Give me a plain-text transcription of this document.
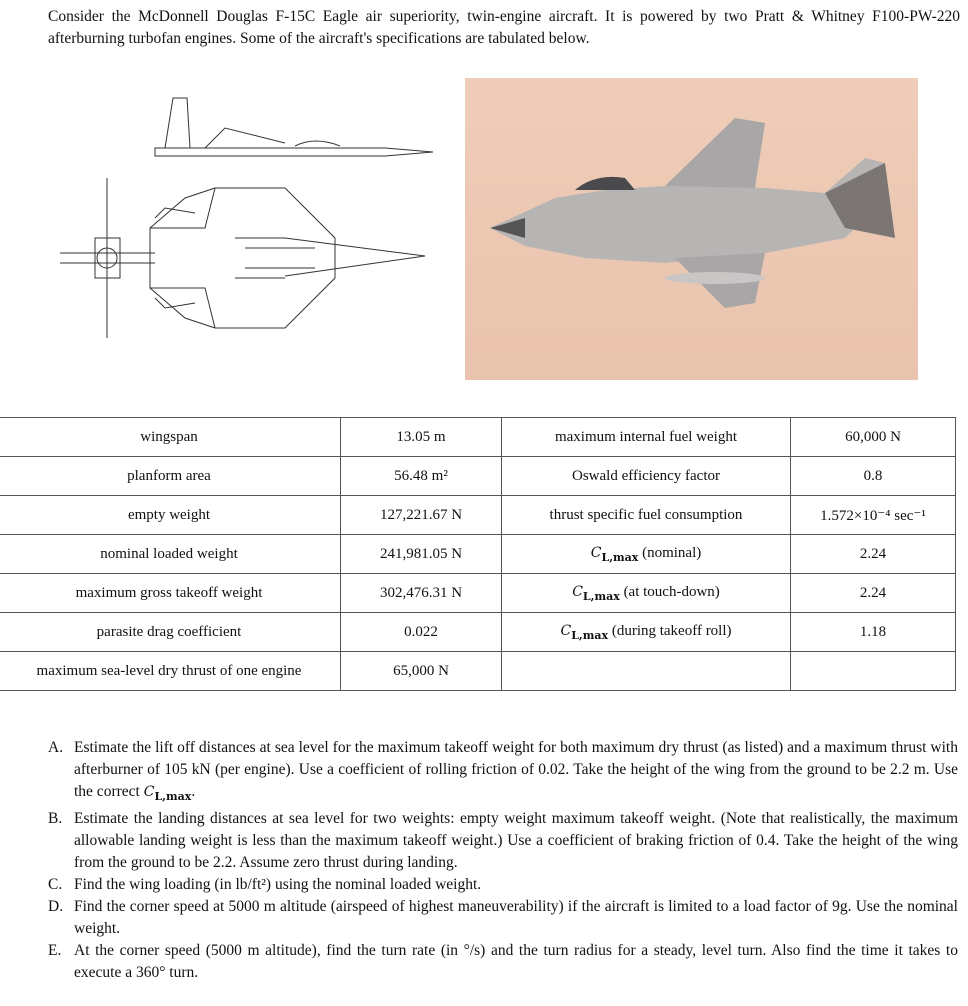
Consider the McDonnell Douglas F-15C Eagle air superiority, twin-engine aircraft. It is powered by two Pratt & Whitney F100-PW-220 afterburning turbofan engines. Some of the aircraft's specifications are tabulated below.

wingspan	13.05 m	maximum internal fuel weight	60,000 N
planform area	56.48 m²	Oswald efficiency factor	0.8
empty weight	127,221.67 N	thrust specific fuel consumption	1.572×10⁻⁴ sec⁻¹
nominal loaded weight	241,981.05 N	$C_{L,max}$ (nominal)	2.24
maximum gross takeoff weight	302,476.31 N	$C_{L,max}$ (at touch-down)	2.24
parasite drag coefficient	0.022	$C_{L,max}$ (during takeoff roll)	1.18
maximum sea-level dry thrust of one engine	65,000 N		
A. Estimate the lift off distances at sea level for the maximum takeoff weight for both maximum dry thrust (as listed) and a maximum thrust with afterburner of 105 kN (per engine). Use a coefficient of rolling friction of 0.02. Take the height of the wing from the ground to be 2.2 m. Use the correct $C_{L,max}$.
B. Estimate the landing distances at sea level for two weights: empty weight maximum takeoff weight. (Note that realistically, the maximum allowable landing weight is less than the maximum takeoff weight.) Use a coefficient of braking friction of 0.4. Take the height of the wing from the ground to be 2.2. Assume zero thrust during landing.
C. Find the wing loading (in lb/ft²) using the nominal loaded weight.
D. Find the corner speed at 5000 m altitude (airspeed of highest maneuverability) if the aircraft is limited to a load factor of 9g. Use the nominal weight.
E. At the corner speed (5000 m altitude), find the turn rate (in °/s) and the turn radius for a steady, level turn. Also find the time it takes to execute a 360° turn.
